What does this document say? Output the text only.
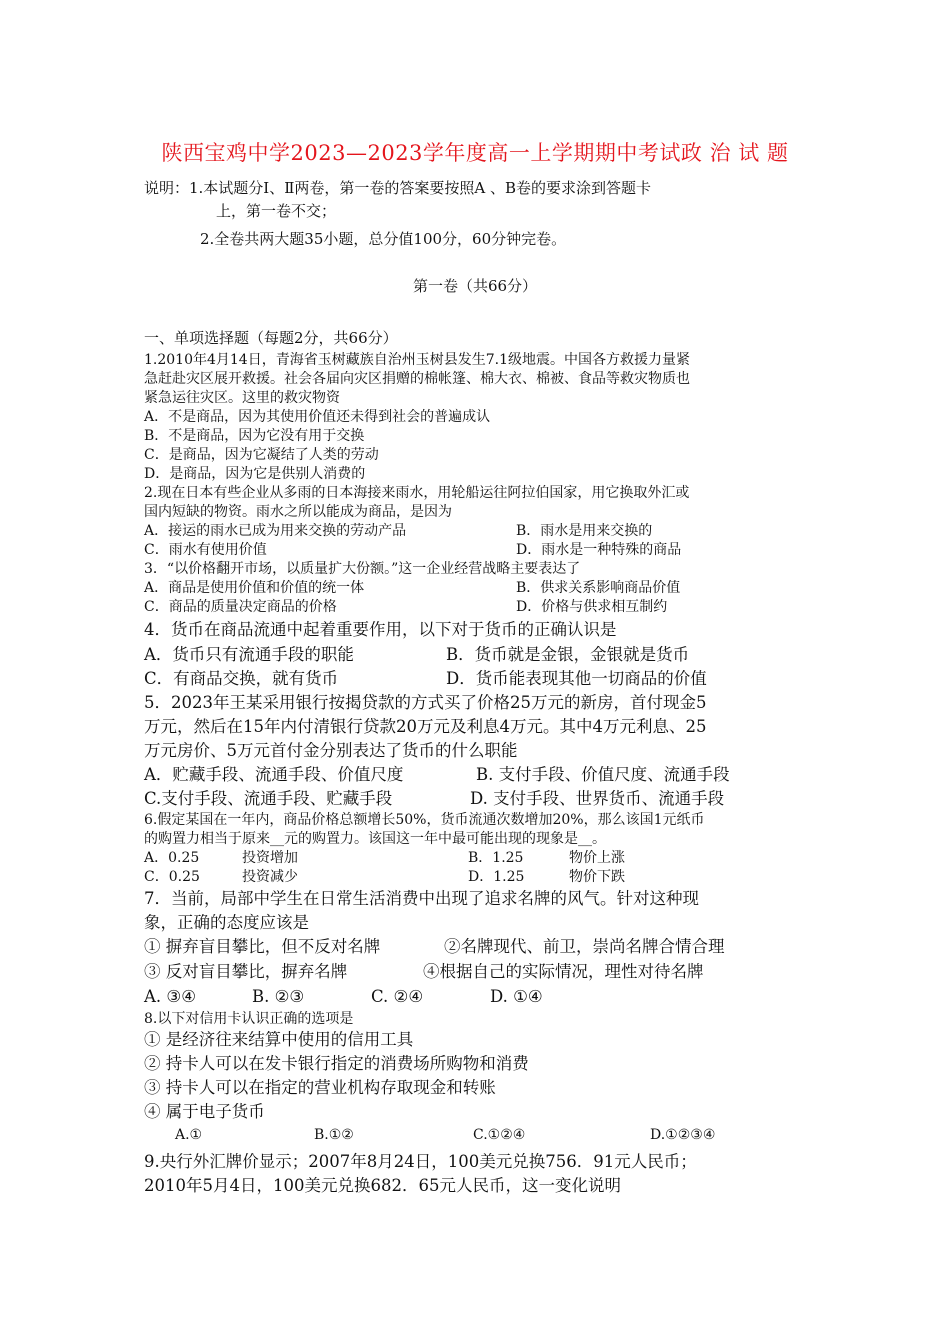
陕西宝鸡中学2023—2023学年度高一上学期期中考试政 治 试 题
说明：1.本试题分Ⅰ、Ⅱ两卷，第一卷的答案要按照A 、B卷的要求涂到答题卡
上，第一卷不交；
2.全卷共两大题35小题，总分值100分，60分钟完卷。
第一卷（共66分）
一、单项选择题（每题2分，共66分）
1.2010年4月14日，青海省玉树藏族自治州玉树县发生7.1级地震。中国各方救援力量紧
急赶赴灾区展开救援。社会各届向灾区捐赠的棉帐篷、棉大衣、棉被、食品等救灾物质也
紧急运往灾区。这里的救灾物资
A．不是商品，因为其使用价值还未得到社会的普遍成认
B．不是商品，因为它没有用于交换
C．是商品，因为它凝结了人类的劳动
D．是商品，因为它是供别人消费的
2.现在日本有些企业从多雨的日本海接来雨水，用轮船运往阿拉伯国家，用它换取外汇或
国内短缺的物资。雨水之所以能成为商品，是因为
A．接运的雨水已成为用来交换的劳动产品	B．雨水是用来交换的
C．雨水有使用价值	D．雨水是一种特殊的商品
3．“以价格翻开市场，以质量扩大份额。”这一企业经营战略主要表达了
A．商品是使用价值和价值的统一体	B．供求关系影响商品价值
C．商品的质量决定商品的价格	D．价格与供求相互制约
4．货币在商品流通中起着重要作用，以下对于货币的正确认识是
A．货币只有流通手段的职能	B．货币就是金银，金银就是货币
C．有商品交换，就有货币	D．货币能表现其他一切商品的价值
5．2023年王某采用银行按揭贷款的方式买了价格25万元的新房，首付现金5
万元，然后在15年内付清银行贷款20万元及利息4万元。其中4万元利息、25
万元房价、5万元首付金分别表达了货币的什么职能
A．贮藏手段、流通手段、价值尺度	B. 支付手段、价值尺度、流通手段
C.支付手段、流通手段、贮藏手段	D. 支付手段、世界货币、流通手段
6.假定某国在一年内，商品价格总额增长50%，货币流通次数增加20%，那么该国1元纸币
的购置力相当于原来__元的购置力。该国这一年中最可能出现的现象是__。
A．0.25	投资增加	B．1.25	物价上涨
C．0.25	投资减少	D．1.25	物价下跌
7．当前，局部中学生在日常生活消费中出现了追求名牌的风气。针对这种现
象，正确的态度应该是
① 摒弃盲目攀比，但不反对名牌	②名牌现代、前卫，崇尚名牌合情合理
③ 反对盲目攀比，摒弃名牌	④根据自己的实际情况，理性对待名牌
A. ③④	B. ②③	C. ②④	D. ①④
8.以下对信用卡认识正确的选项是
① 是经济往来结算中使用的信用工具
② 持卡人可以在发卡银行指定的消费场所购物和消费
③ 持卡人可以在指定的营业机构存取现金和转账
④ 属于电子货币
A.①	B.①②	C.①②④	D.①②③④
9.央行外汇牌价显示；2007年8月24日，100美元兑换756．91元人民币；
2010年5月4日，100美元兑换682．65元人民币，这一变化说明
